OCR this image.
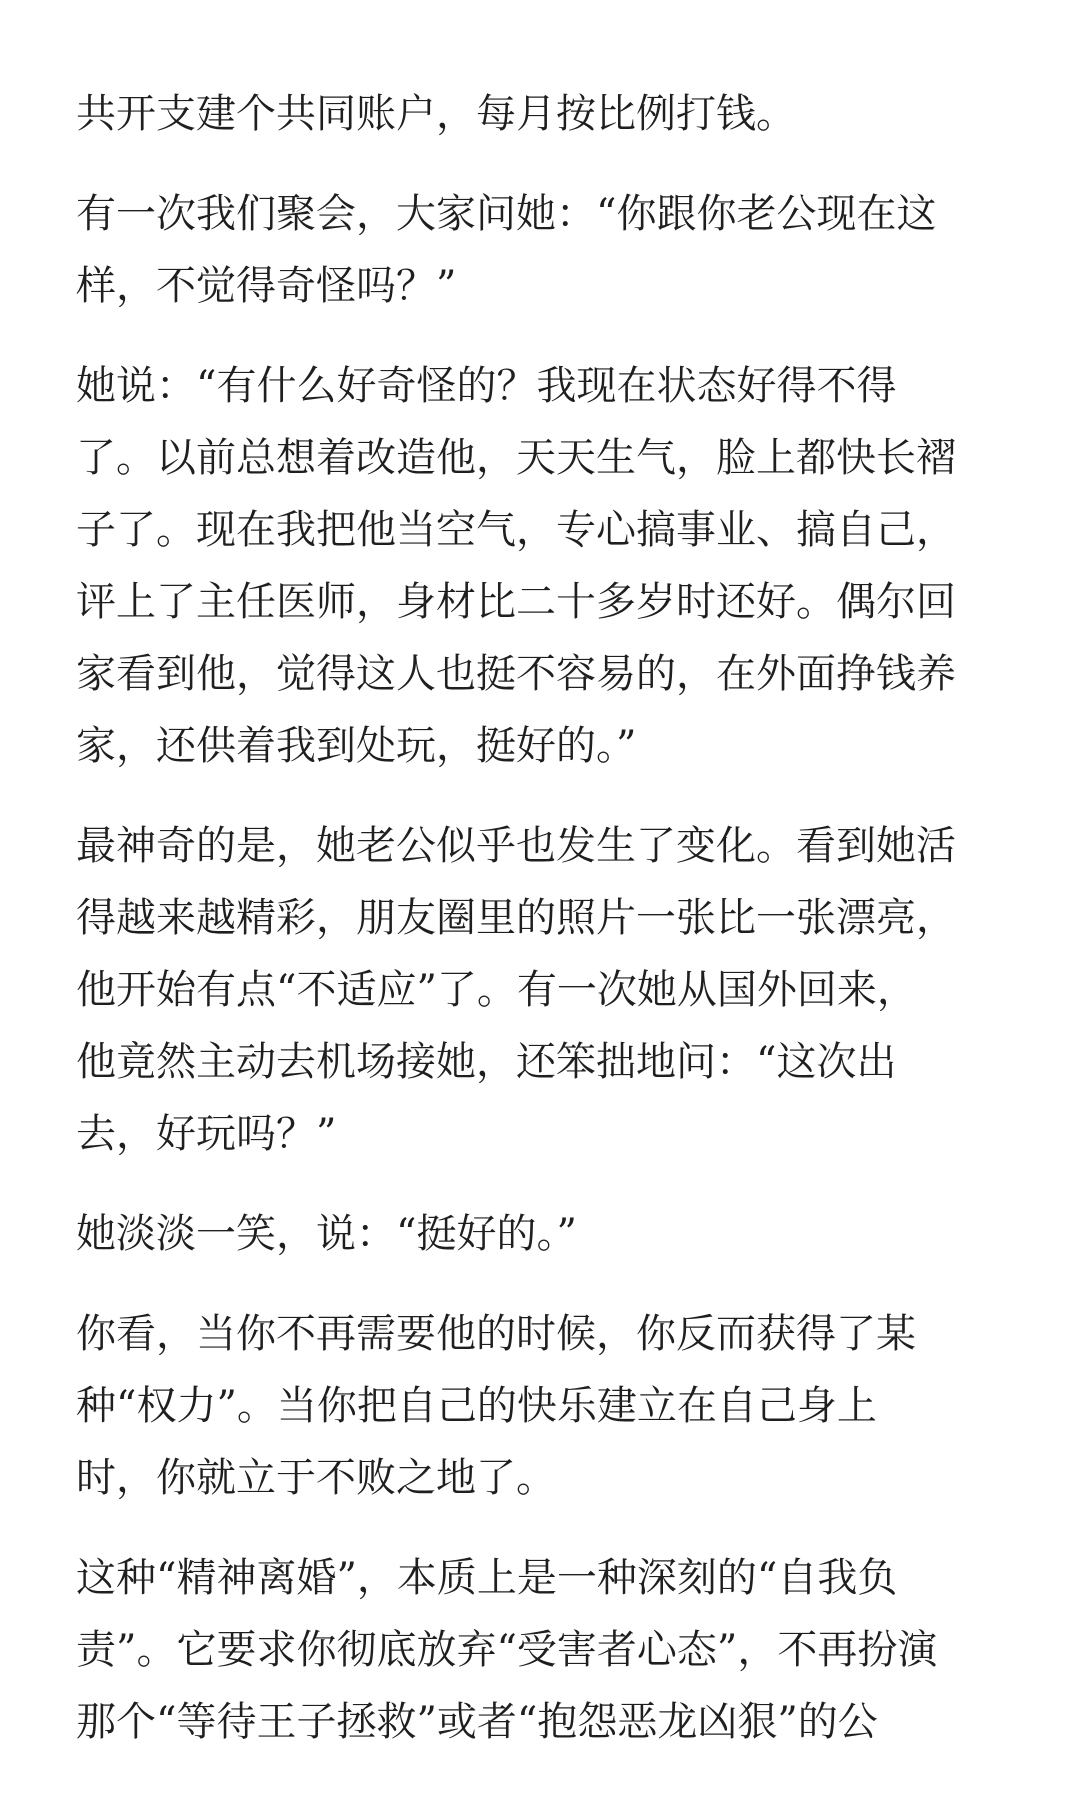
共开支建个共同账户，每月按比例打钱。

有一次我们聚会，大家问她：“你跟你老公现在这
样，不觉得奇怪吗？”

她说：“有什么好奇怪的？我现在状态好得不得
了。以前总想着改造他，天天生气，脸上都快长褶
子了。现在我把他当空气，专心搞事业、搞自己，
评上了主任医师，身材比二十多岁时还好。偶尔回
家看到他，觉得这人也挺不容易的，在外面挣钱养
家，还供着我到处玩，挺好的。”

最神奇的是，她老公似乎也发生了变化。看到她活
得越来越精彩，朋友圈里的照片一张比一张漂亮，
他开始有点“不适应”了。有一次她从国外回来，
他竟然主动去机场接她，还笨拙地问：“这次出
去，好玩吗？”

她淡淡一笑，说：“挺好的。”

你看，当你不再需要他的时候，你反而获得了某
种“权力”。当你把自己的快乐建立在自己身上
时，你就立于不败之地了。

这种“精神离婚”，本质上是一种深刻的“自我负
责”。它要求你彻底放弃“受害者心态”，不再扮演
那个“等待王子拯救”或者“抱怨恶龙凶狠”的公
